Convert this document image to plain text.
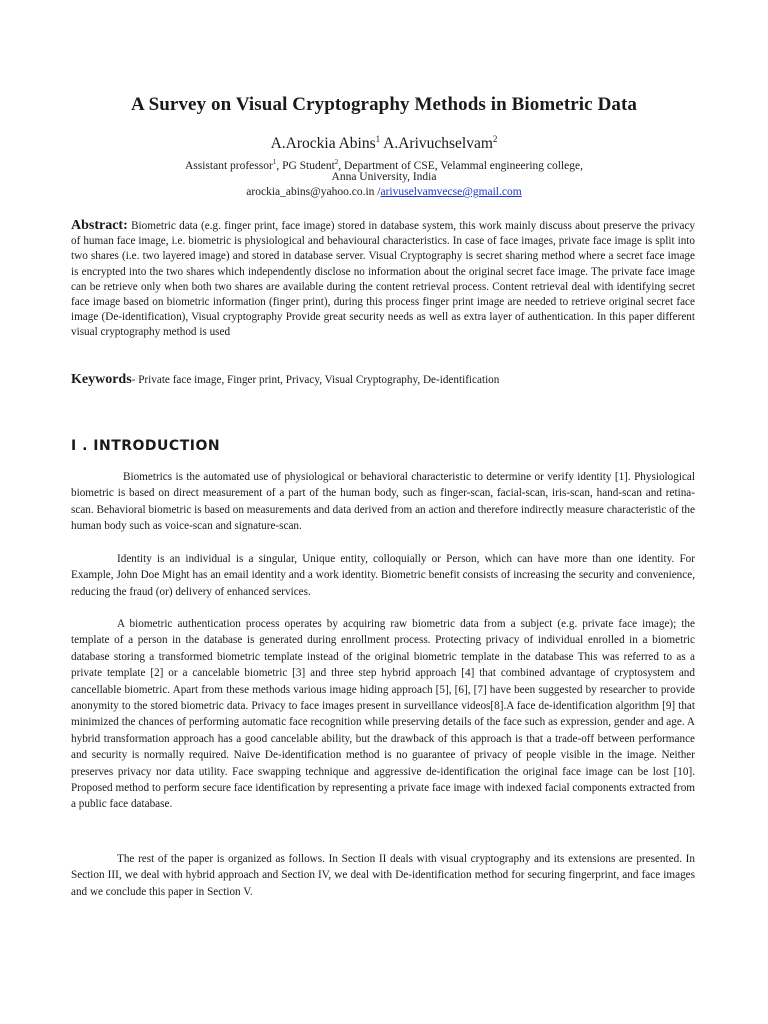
A Survey on Visual Cryptography Methods in Biometric Data
A.Arockia Abins$^1$ A.Arivuchselvam$^2$
Assistant professor$^1$, PG Student$^2$, Department of CSE, Velammal engineering college,
Anna University, India
arockia_abins@yahoo.co.in /arivuselvamvecse@gmail.com
Abstract: Biometric data (e.g. finger print, face image) stored in database system, this work mainly discuss about preserve the privacy of human face image, i.e. biometric is physiological and behavioural characteristics. In case of face images, private face image is split into two shares (i.e. two layered image) and stored in database server. Visual Cryptography is secret sharing method where a secret face image is encrypted into the two shares which independently disclose no information about the original secret face image. The private face image can be retrieve only when both two shares are available during the content retrieval process. Content retrieval deal with identifying secret face image based on biometric information (finger print), during this process finger print image are needed to retrieve original secret face image (De-identification), Visual cryptography Provide great security needs as well as extra layer of authentication. In this paper different visual cryptography method is used
Keywords- Private face image, Finger print, Privacy, Visual Cryptography, De-identification
I . INTRODUCTION
Biometrics is the automated use of physiological or behavioral characteristic to determine or verify identity [1]. Physiological biometric is based on direct measurement of a part of the human body, such as finger-scan, facial-scan, iris-scan, hand-scan and retina-scan. Behavioral biometric is based on measurements and data derived from an action and therefore indirectly measure characteristic of the human body such as voice-scan and signature-scan.
Identity is an individual is a singular, Unique entity, colloquially or Person, which can have more than one identity. For Example, John Doe Might has an email identity and a work identity. Biometric benefit consists of increasing the security and convenience, reducing the fraud (or) delivery of enhanced services.
A biometric authentication process operates by acquiring raw biometric data from a subject (e.g. private face image); the template of a person in the database is generated during enrollment process. Protecting privacy of individual enrolled in a biometric database storing a transformed biometric template instead of the original biometric template in the database This was referred to as a private template [2] or a cancelable biometric [3] and three step hybrid approach [4] that combined advantage of cryptosystem and cancellable biometric. Apart from these methods various image hiding approach [5], [6], [7] have been suggested by researcher to provide anonymity to the stored biometric data. Privacy to face images present in surveillance videos[8].A face de-identification algorithm [9] that minimized the chances of performing automatic face recognition while preserving details of the face such as expression, gender and age. A hybrid transformation approach has a good cancelable ability, but the drawback of this approach is that a trade-off between performance and security is normally required. Naive De-identification method is no guarantee of privacy of people visible in the image. Neither preserves privacy nor data utility. Face swapping technique and aggressive de-identification the original face image can be lost [10]. Proposed method to perform secure face identification by representing a private face image with indexed facial components extracted from a public face database.
The rest of the paper is organized as follows. In Section II deals with visual cryptography and its extensions are presented. In Section III, we deal with hybrid approach and Section IV, we deal with De-identification method for securing fingerprint, and face images and we conclude this paper in Section V.
